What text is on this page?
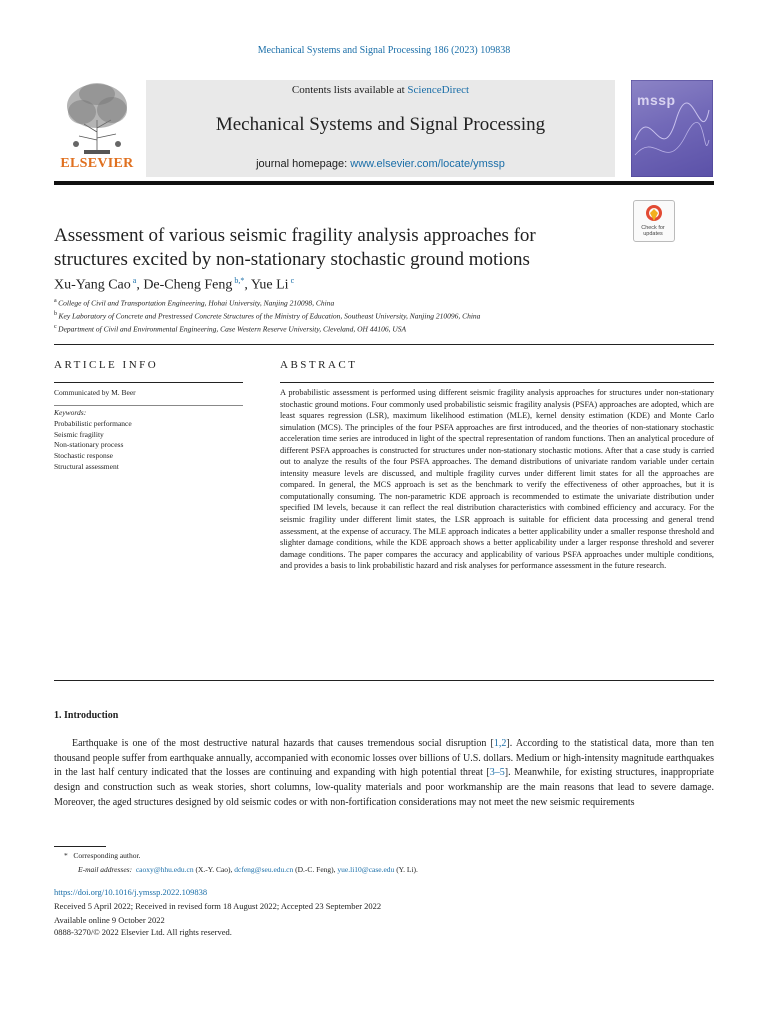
Mechanical Systems and Signal Processing 186 (2023) 109838
ELSEVIER
Contents lists available at ScienceDirect
Mechanical Systems and Signal Processing
journal homepage: www.elsevier.com/locate/ymssp
mssp
Check for updates
Assessment of various seismic fragility analysis approaches for structures excited by non-stationary stochastic ground motions
Xu-Yang Cao $^a$, De-Cheng Feng $^{b,*}$, Yue Li $^c$
$^a$ College of Civil and Transportation Engineering, Hohai University, Nanjing 210098, China
$^b$ Key Laboratory of Concrete and Prestressed Concrete Structures of the Ministry of Education, Southeast University, Nanjing 210096, China
$^c$ Department of Civil and Environmental Engineering, Case Western Reserve University, Cleveland, OH 44106, USA
ARTICLE INFO	ABSTRACT
Communicated by M. Beer
Keywords:
Probabilistic performance
Seismic fragility
Non-stationary process
Stochastic response
Structural assessment
A probabilistic assessment is performed using different seismic fragility analysis approaches for structures under non-stationary stochastic ground motions. Four commonly used probabilistic seismic fragility analysis (PSFA) approaches are adopted, which are least squares regression (LSR), maximum likelihood estimation (MLE), kernel density estimation (KDE) and Monte Carlo simulation (MCS). The principles of the four PSFA approaches are first introduced, and the theories of non-stationary stochastic acceleration time series are introduced in light of the spectral representation of random functions. Then an analytical procedure of different PSFA approaches is constructed for structures under non-stationary stochastic motions. After that a case study is carried out to analyze the results of the four PSFA approaches. The demand distributions of univariate random variable under certain intensity measure levels are discussed, and multiple fragility curves under different limit states for all the approaches are compared. In general, the MCS approach is set as the benchmark to verify the effectiveness of other approaches, but it is computationally consuming. The non-parametric KDE approach is recommended to estimate the univariate distribution under specified IM levels, because it can reflect the real distribution characteristics with combined efficiency and accuracy. For the seismic fragility under different limit states, the LSR approach is suitable for efficient data processing and general trend assessment, at the expense of accuracy. The MLE approach indicates a better applicability under a smaller response threshold and slighter damage conditions, while the KDE approach shows a better applicability under a larger response threshold and severer damage conditions. The paper compares the accuracy and applicability of various PSFA approaches under multiple conditions, and provides a basis to link probabilistic hazard and risk analyses for performance assessment in the future research.
1. Introduction
Earthquake is one of the most destructive natural hazards that causes tremendous social disruption [1,2]. According to the statistical data, more than ten thousand people suffer from earthquake annually, accompanied with economic losses over billions of U.S. dollars. Medium or high-intensity magnitude earthquakes in the last half century indicated that the losses are continuing and expanding with high potential threat [3–5]. Meanwhile, for existing structures, inappropriate design and construction such as weak stories, short columns, low-quality materials and poor workmanship are the main reasons that lead to severe damage. Moreover, the aged structures designed by old seismic codes or with non-fortification considerations may not meet the new seismic requirements
*   Corresponding author.
E-mail addresses: caoxy@hhu.edu.cn (X.-Y. Cao), dcfeng@seu.edu.cn (D.-C. Feng), yue.li10@case.edu (Y. Li).
https://doi.org/10.1016/j.ymssp.2022.109838
Received 5 April 2022; Received in revised form 18 August 2022; Accepted 23 September 2022
Available online 9 October 2022
0888-3270/© 2022 Elsevier Ltd. All rights reserved.
